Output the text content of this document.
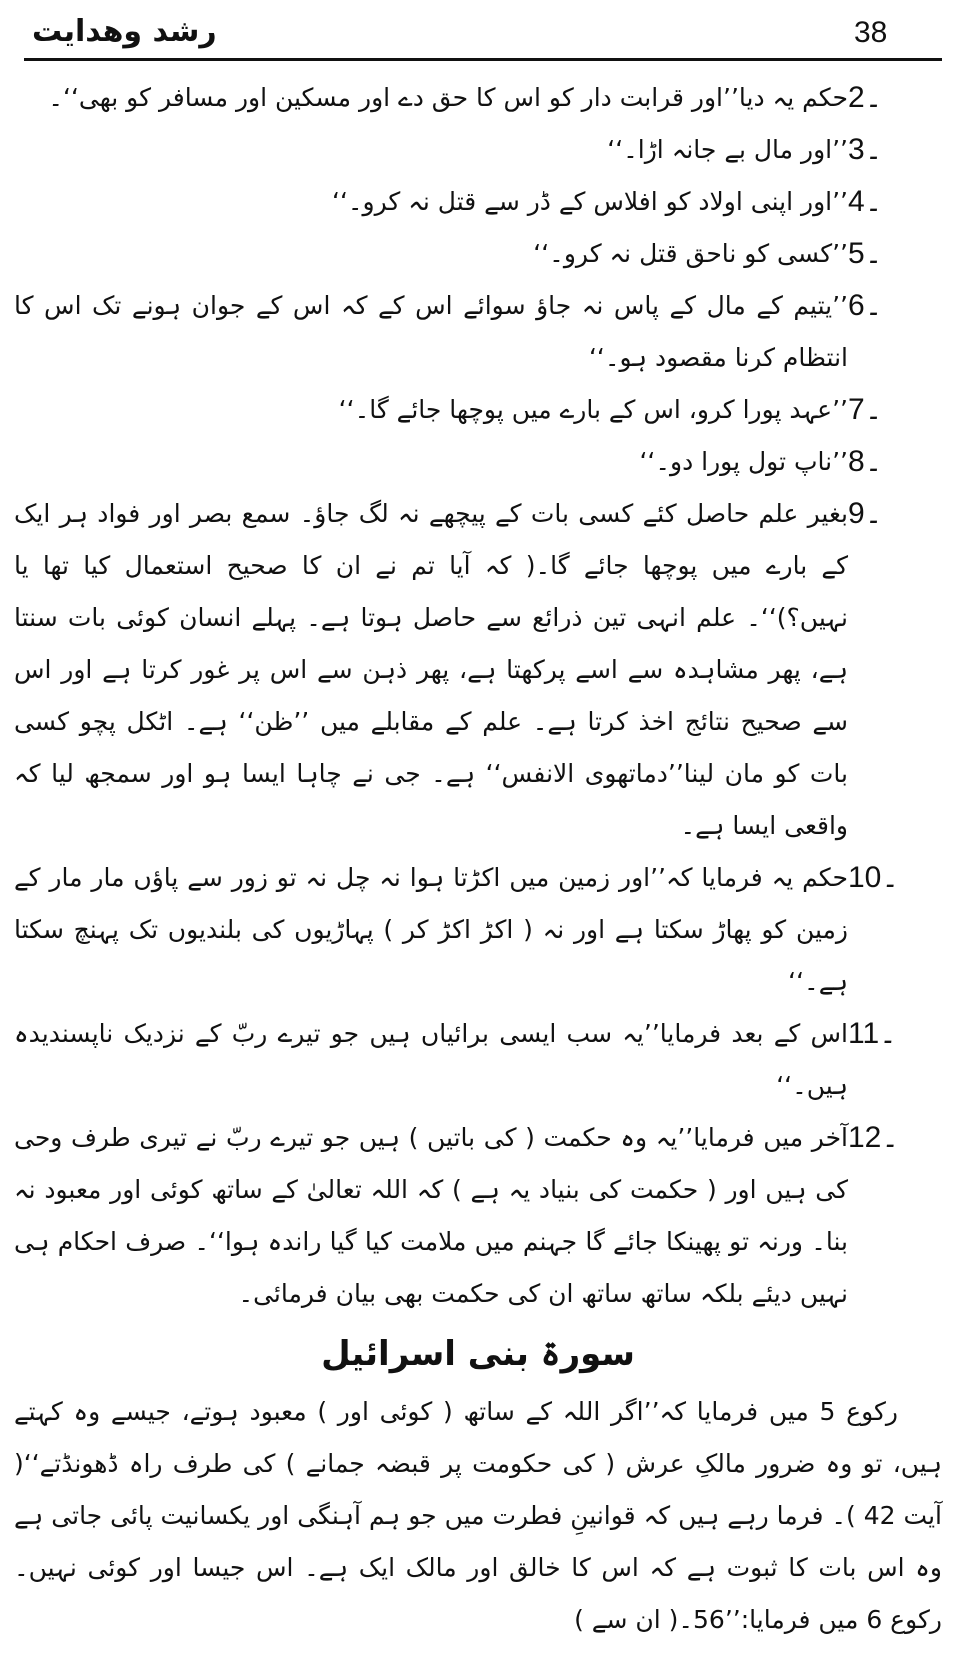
38
رشد وھدایت
2۔

حکم یہ دیا’’اور قرابت دار کو اس کا حق دے اور مسکین اور مسافر کو بھی‘‘۔

3۔

’’اور مال بے جانہ اڑا۔‘‘

4۔

’’اور اپنی اولاد کو افلاس کے ڈر سے قتل نہ کرو۔‘‘

5۔

’’کسی کو ناحق قتل نہ کرو۔‘‘

6۔

’’یتیم کے مال کے پاس نہ جاؤ سوائے اس کے کہ اس کے جوان ہونے تک اس کا انتظام کرنا مقصود ہو۔‘‘

7۔

’’عہد پورا کرو، اس کے بارے میں پوچھا جائے گا۔‘‘

8۔

’’ناپ تول پورا دو۔‘‘

9۔

بغیر علم حاصل کئے کسی بات کے پیچھے نہ لگ جاؤ۔ سمع بصر اور فواد ہر ایک کے بارے میں پوچھا جائے گا۔( کہ آیا تم نے ان کا صحیح استعمال کیا تھا یا نہیں؟)‘‘۔ علم انہی تین ذرائع سے حاصل ہوتا ہے۔ پہلے انسان کوئی بات سنتا ہے، پھر مشاہدہ سے اسے پرکھتا ہے، پھر ذہن سے اس پر غور کرتا ہے اور اس سے صحیح نتائج اخذ کرتا ہے۔ علم کے مقابلے میں ’’ظن‘‘ ہے۔ اٹکل پچو کسی بات کو مان لینا’’دماتھوی الانفس‘‘ ہے۔ جی نے چاہا ایسا ہو اور سمجھ لیا کہ واقعی ایسا ہے۔

10۔

حکم یہ فرمایا کہ’’اور زمین میں اکڑتا ہوا نہ چل نہ تو زور سے پاؤں مار مار کے زمین کو پھاڑ سکتا ہے اور نہ ( اکڑ اکڑ کر ) پہاڑیوں کی بلندیوں تک پہنچ سکتا ہے۔‘‘

11۔

اس کے بعد فرمایا’’یہ سب ایسی برائیاں ہیں جو تیرے ربّ کے نزدیک ناپسندیدہ ہیں۔‘‘

12۔

آخر میں فرمایا’’یہ وہ حکمت ( کی باتیں ) ہیں جو تیرے ربّ نے تیری طرف وحی کی ہیں اور ( حکمت کی بنیاد یہ ہے ) کہ اللہ تعالیٰ کے ساتھ کوئی اور معبود نہ بنا۔ ورنہ تو پھینکا جائے گا جہنم میں ملامت کیا گیا راندہ ہوا‘‘۔ صرف احکام ہی نہیں دیئے بلکہ ساتھ ساتھ ان کی حکمت بھی بیان فرمائی۔

سورۃ بنی اسرائیل

رکوع 5 میں فرمایا کہ’’اگر اللہ کے ساتھ ( کوئی اور ) معبود ہوتے، جیسے وہ کہتے ہیں، تو وہ ضرور مالکِ عرش ( کی حکومت پر قبضہ جمانے ) کی طرف راہ ڈھونڈتے‘‘( آیت 42 )۔ فرما رہے ہیں کہ قوانینِ فطرت میں جو ہم آہنگی اور یکسانیت پائی جاتی ہے وہ اس بات کا ثبوت ہے کہ اس کا خالق اور مالک ایک ہے۔ اس جیسا اور کوئی نہیں۔ رکوع 6 میں فرمایا:’’56۔( ان سے )
